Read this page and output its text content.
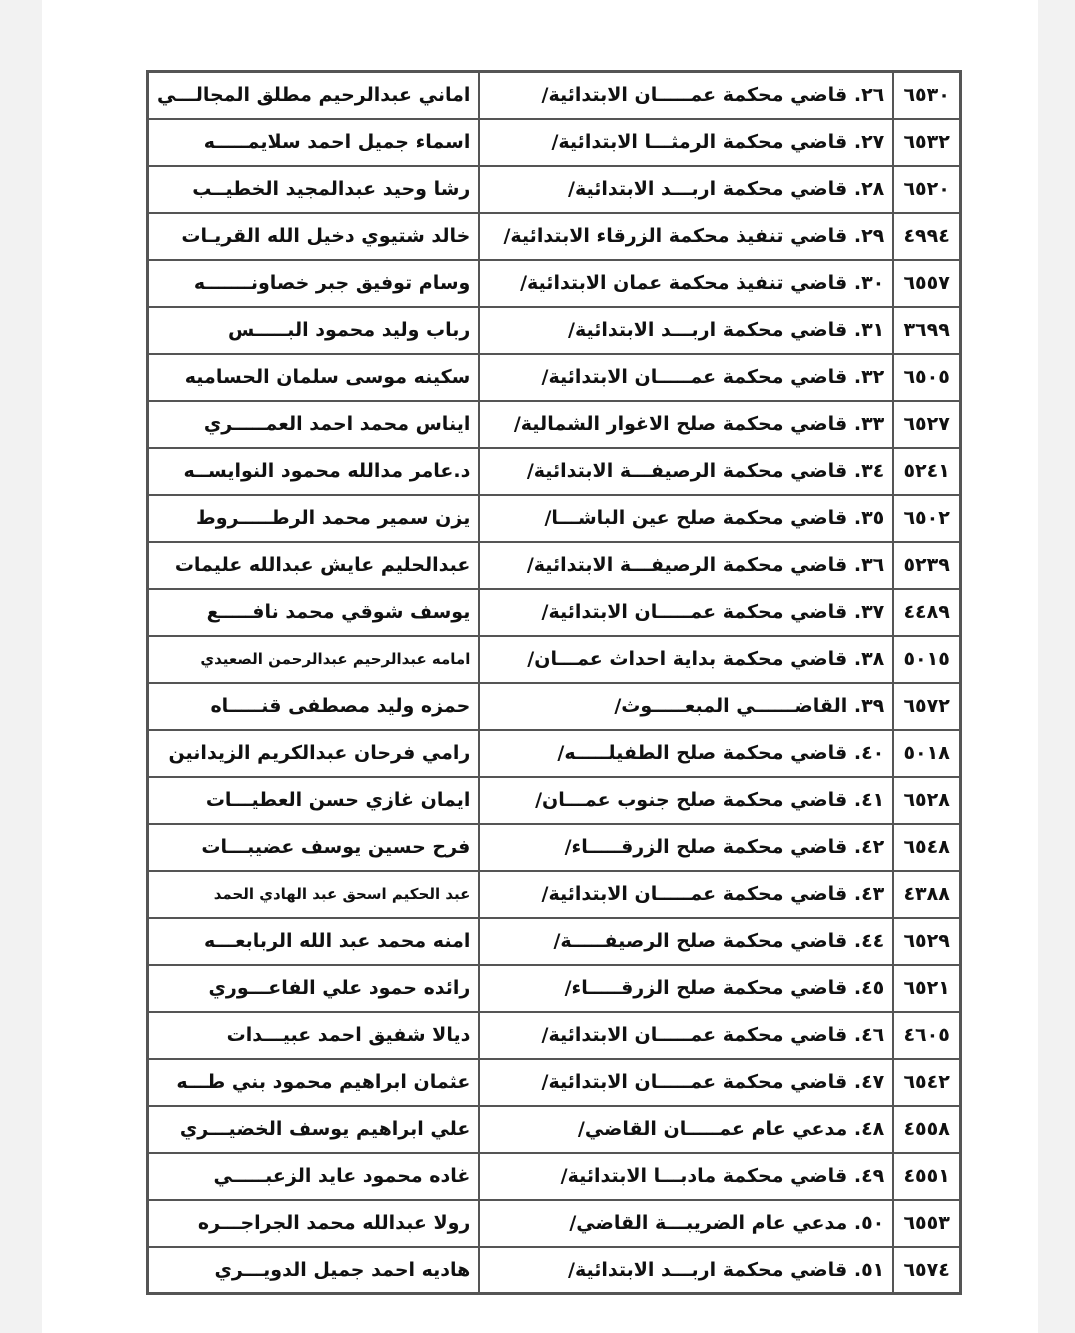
٦٥٣٠	٢٦. قاضي محكمة عمـــــان الابتدائية/	اماني عبدالرحيم مطلق المجالـــي
٦٥٣٢	٢٧. قاضي محكمة الرمثـــا الابتدائية/	اسماء جميل احمد سلايمـــــه
٦٥٢٠	٢٨. قاضي محكمة اربـــد الابتدائية/	رشا وحيد عبدالمجيد الخطيــب
٤٩٩٤	٢٩. قاضي تنفيذ محكمة الزرقاء الابتدائية/	خالد شتيوي دخيل الله القريـات
٦٥٥٧	٣٠. قاضي تنفيذ محكمة عمان الابتدائية/	وسام توفيق جبر خصاونـــــــه
٣٦٩٩	٣١. قاضي محكمة اربـــد الابتدائية/	رباب وليد محمود البـــــس
٦٥٠٥	٣٢. قاضي محكمة عمـــــان الابتدائية/	سكينه موسى سلمان الحساميه
٦٥٢٧	٣٣. قاضي محكمة صلح الاغوار الشمالية/	ايناس محمد احمد العمـــــري
٥٢٤١	٣٤. قاضي محكمة الرصيفـــة الابتدائية/	د.عامر مدالله محمود النوايســه
٦٥٠٢	٣٥. قاضي محكمة صلح عين الباشـــا/	يزن سمير محمد الرطـــــروط
٥٢٣٩	٣٦. قاضي محكمة الرصيفـــة الابتدائية/	عبدالحليم عايش عبدالله عليمات
٤٤٨٩	٣٧. قاضي محكمة عمـــــان الابتدائية/	يوسف شوقي محمد نافـــــع
٥٠١٥	٣٨. قاضي محكمة بداية احداث عمـــان/	امامه عبدالرحيم عبدالرحمن الصعيدي
٦٥٧٢	٣٩. القاضــــــي المبعـــــوث/	حمزه وليد مصطفى قنـــــاه
٥٠١٨	٤٠. قاضي محكمة صلح الطفيلـــــه/	رامي فرحان عبدالكريم الزيدانين
٦٥٢٨	٤١. قاضي محكمة صلح جنوب عمـــان/	ايمان غازي حسن العطيـــات
٦٥٤٨	٤٢. قاضي محكمة صلح الزرقـــــاء/	فرح حسين يوسف عضيبـــات
٤٣٨٨	٤٣. قاضي محكمة عمـــــان الابتدائية/	عبد الحكيم اسحق عبد الهادي الحمد
٦٥٢٩	٤٤. قاضي محكمة صلح الرصيفـــــة/	امنه محمد عبد الله الربابعـــه
٦٥٢١	٤٥. قاضي محكمة صلح الزرقـــــاء/	رائده حمود علي الفاعـــوري
٤٦٠٥	٤٦. قاضي محكمة عمـــــان الابتدائية/	ديالا شفيق احمد عبيـــدات
٦٥٤٢	٤٧. قاضي محكمة عمـــــان الابتدائية/	عثمان ابراهيم محمود بني طـــه
٤٥٥٨	٤٨. مدعي عام عمـــــان القاضي/	علي ابراهيم يوسف الخضيـــري
٤٥٥١	٤٩. قاضي محكمة مادبـــا الابتدائية/	غاده محمود عايد الزعبـــــي
٦٥٥٣	٥٠. مدعي عام الضريبـــة القاضي/	رولا عبدالله محمد الجراجـــره
٦٥٧٤	٥١. قاضي محكمة اربـــد الابتدائية/	هاديه احمد جميل الدويـــري
